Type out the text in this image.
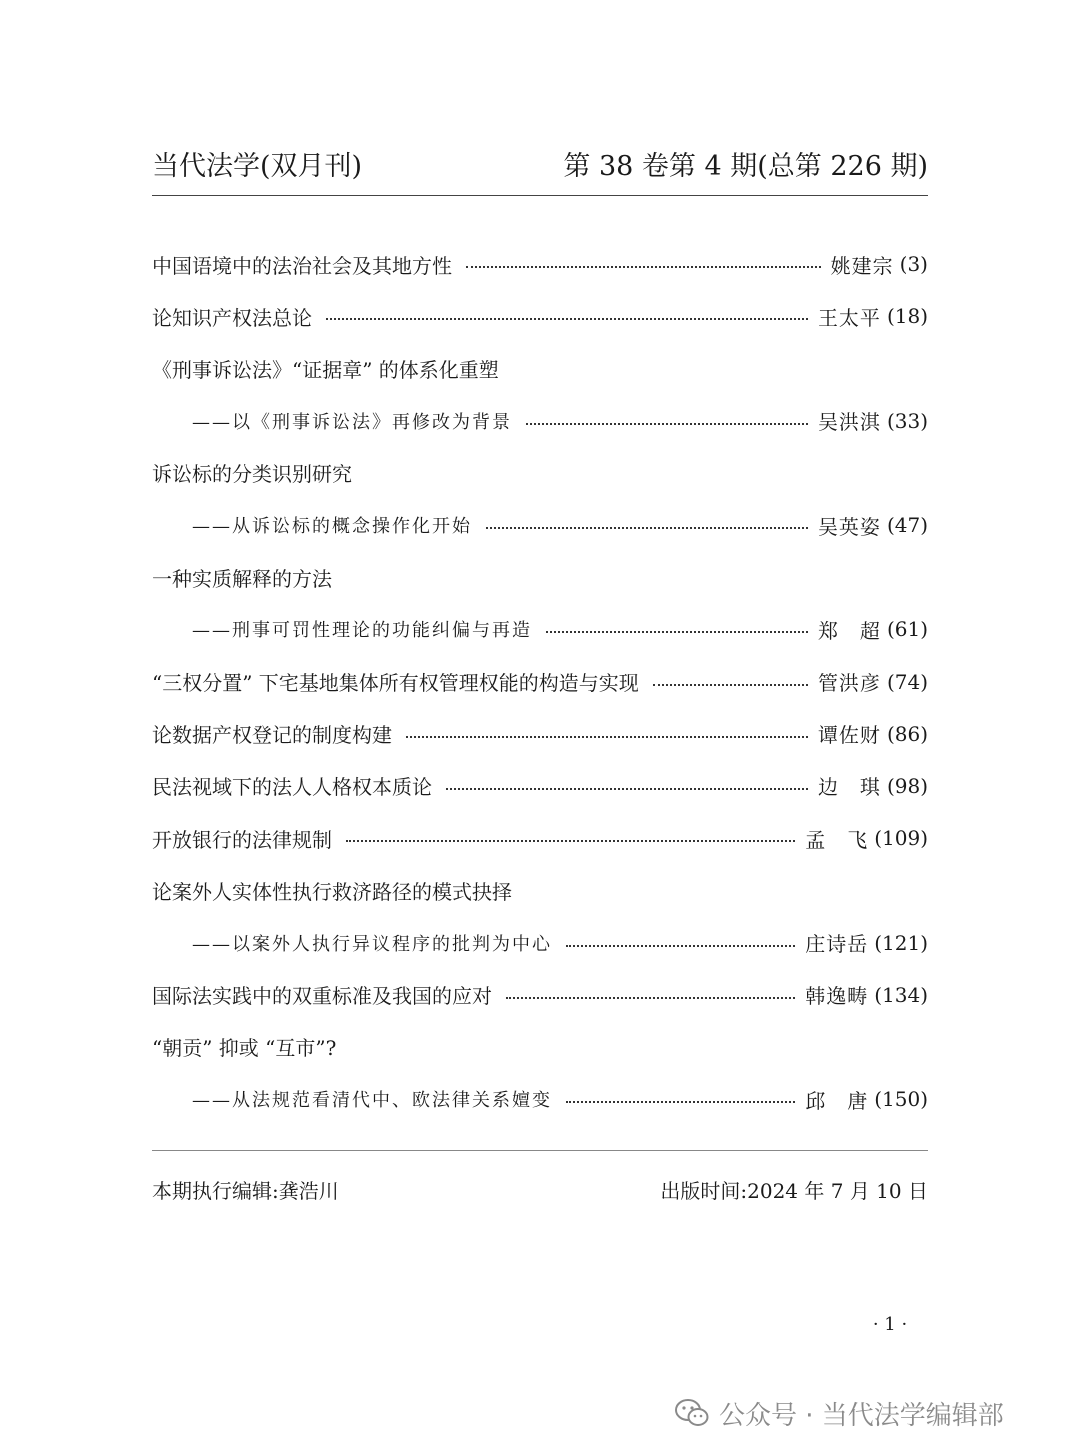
当代法学(双月刊)	第 38 卷第 4 期(总第 226 期)
中国语境中的法治社会及其地方性	姚建宗 (3)
论知识产权法总论	王太平 (18)
《刑事诉讼法》“证据章” 的体系化重塑
——以《刑事诉讼法》再修改为背景	吴洪淇 (33)
诉讼标的分类识别研究
——从诉讼标的概念操作化开始	吴英姿 (47)
一种实质解释的方法
——刑事可罚性理论的功能纠偏与再造	郑　超 (61)
“三权分置” 下宅基地集体所有权管理权能的构造与实现	管洪彦 (74)
论数据产权登记的制度构建	谭佐财 (86)
民法视域下的法人人格权本质论	边　琪 (98)
开放银行的法律规制	孟　飞 (109)
论案外人实体性执行救济路径的模式抉择
——以案外人执行异议程序的批判为中心	庄诗岳 (121)
国际法实践中的双重标准及我国的应对	韩逸畴 (134)
“朝贡” 抑或 “互市”?
——从法规范看清代中、欧法律关系嬗变	邱　唐 (150)
本期执行编辑:龚浩川	出版时间:2024 年 7 月 10 日
· 1 ·
公众号 · 当代法学编辑部
